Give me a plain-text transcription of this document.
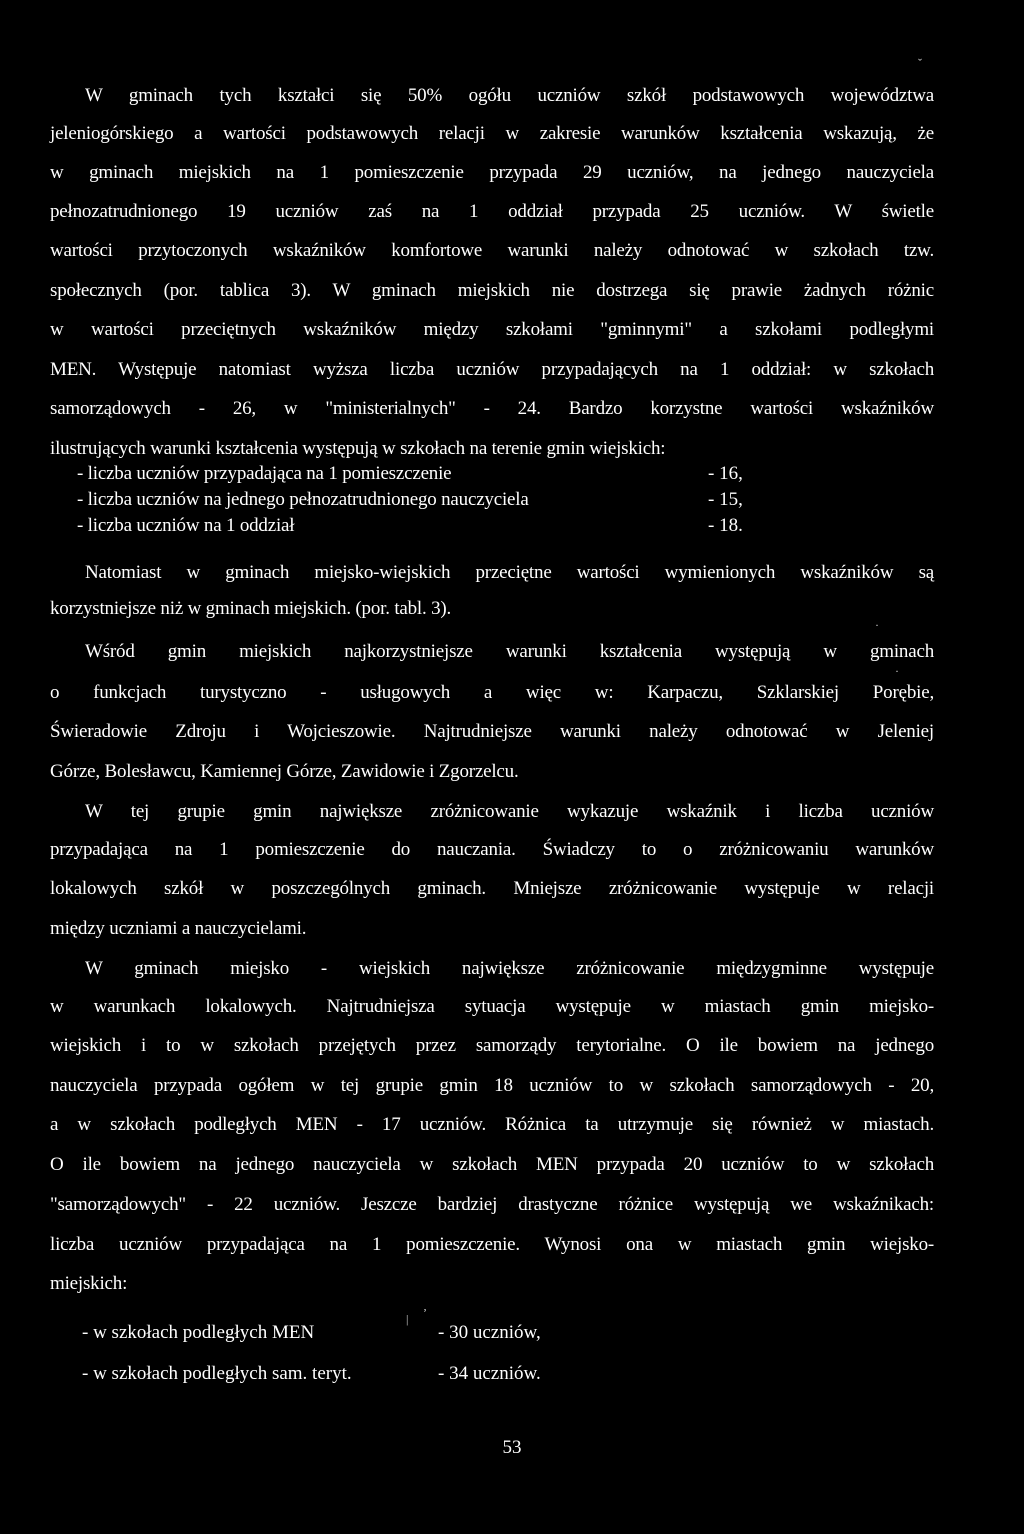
W gminach tych kształci się 50% ogółu uczniów szkół podstawowych województwa
jeleniogórskiego a wartości podstawowych relacji w zakresie warunków kształcenia wskazują, że
w gminach miejskich na 1 pomieszczenie przypada 29 uczniów, na jednego nauczyciela
pełnozatrudnionego 19 uczniów zaś na 1 oddział przypada 25 uczniów. W świetle
wartości przytoczonych wskaźników komfortowe warunki należy odnotować w szkołach tzw.
społecznych (por. tablica 3). W gminach miejskich nie dostrzega się prawie żadnych różnic
w wartości przeciętnych wskaźników między szkołami "gminnymi" a szkołami podległymi
MEN. Występuje natomiast wyższa liczba uczniów przypadających na 1 oddział: w szkołach
samorządowych - 26, w "ministerialnych" - 24. Bardzo korzystne wartości wskaźników
ilustrujących warunki kształcenia występują w szkołach na terenie gmin wiejskich:
- liczba uczniów przypadająca na 1 pomieszczenie	- 16,
- liczba uczniów na jednego pełnozatrudnionego nauczyciela	- 15,
- liczba uczniów na 1 oddział	- 18.
Natomiast w gminach miejsko-wiejskich przeciętne wartości wymienionych wskaźników są
korzystniejsze niż w gminach miejskich. (por. tabl. 3).
Wśród gmin miejskich najkorzystniejsze warunki kształcenia występują w gminach
o funkcjach turystyczno - usługowych a więc w: Karpaczu, Szklarskiej Porębie,
Świeradowie Zdroju i Wojcieszowie. Najtrudniejsze warunki należy odnotować w Jeleniej
Górze, Bolesławcu, Kamiennej Górze, Zawidowie i Zgorzelcu.
W tej grupie gmin największe zróżnicowanie wykazuje wskaźnik i liczba uczniów
przypadająca na 1 pomieszczenie do nauczania. Świadczy to o zróżnicowaniu warunków
lokalowych szkół w poszczególnych gminach. Mniejsze zróżnicowanie występuje w relacji
między uczniami a nauczycielami.
W gminach miejsko - wiejskich największe zróżnicowanie międzygminne występuje
w warunkach lokalowych. Najtrudniejsza sytuacja występuje w miastach gmin miejsko-
wiejskich i to w szkołach przejętych przez samorządy terytorialne. O ile bowiem na jednego
nauczyciela przypada ogółem w tej grupie gmin 18 uczniów to w szkołach samorządowych - 20,
a w szkołach podległych MEN - 17 uczniów. Różnica ta utrzymuje się również w miastach.
O ile bowiem na jednego nauczyciela w szkołach MEN przypada 20 uczniów to w szkołach
"samorządowych" - 22 uczniów. Jeszcze bardziej drastyczne różnice występują we wskaźnikach:
liczba uczniów przypadająca na 1 pomieszczenie. Wynosi ona w miastach gmin wiejsko-
miejskich:
- w szkołach podległych MEN	- 30 uczniów,
- w szkołach podległych sam. teryt.	- 34 uczniów.
53
ˇ
·
·
| ʼ
